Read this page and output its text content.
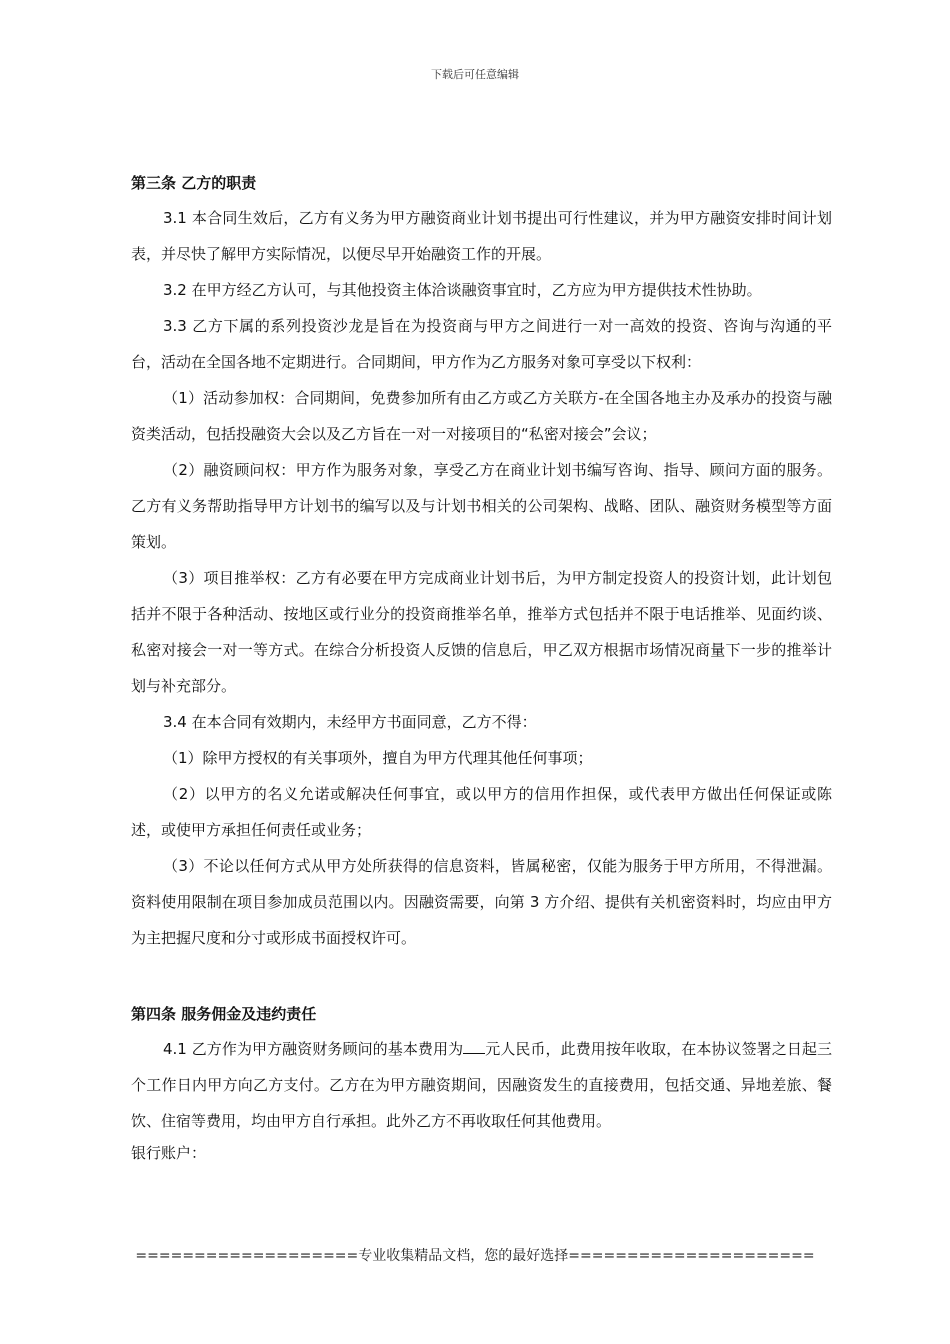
下载后可任意编辑
第三条 乙方的职责

3.1 本合同生效后，乙方有义务为甲方融资商业计划书提出可行性建议，并为甲方融资安排时间计划表，并尽快了解甲方实际情况，以便尽早开始融资工作的开展。

3.2 在甲方经乙方认可，与其他投资主体洽谈融资事宜时，乙方应为甲方提供技术性协助。

3.3 乙方下属的系列投资沙龙是旨在为投资商与甲方之间进行一对一高效的投资、咨询与沟通的平台，活动在全国各地不定期进行。合同期间，甲方作为乙方服务对象可享受以下权利：

（1）活动参加权：合同期间，免费参加所有由乙方或乙方关联方-在全国各地主办及承办的投资与融资类活动，包括投融资大会以及乙方旨在一对一对接项目的“私密对接会”会议；

（2）融资顾问权：甲方作为服务对象，享受乙方在商业计划书编写咨询、指导、顾问方面的服务。乙方有义务帮助指导甲方计划书的编写以及与计划书相关的公司架构、战略、团队、融资财务模型等方面策划。

（3）项目推举权：乙方有必要在甲方完成商业计划书后，为甲方制定投资人的投资计划，此计划包括并不限于各种活动、按地区或行业分的投资商推举名单，推举方式包括并不限于电话推举、见面约谈、私密对接会一对一等方式。在综合分析投资人反馈的信息后，甲乙双方根据市场情况商量下一步的推举计划与补充部分。

3.4 在本合同有效期内，未经甲方书面同意，乙方不得：

（1）除甲方授权的有关事项外，擅自为甲方代理其他任何事项；

（2）以甲方的名义允诺或解决任何事宜，或以甲方的信用作担保，或代表甲方做出任何保证或陈述，或使甲方承担任何责任或业务；

（3）不论以任何方式从甲方处所获得的信息资料，皆属秘密，仅能为服务于甲方所用，不得泄漏。资料使用限制在项目参加成员范围以内。因融资需要，向第 3 方介绍、提供有关机密资料时，均应由甲方为主把握尺度和分寸或形成书面授权许可。

第四条 服务佣金及违约责任

4.1 乙方作为甲方融资财务顾问的基本费用为 元人民币，此费用按年收取，在本协议签署之日起三个工作日内甲方向乙方支付。乙方在为甲方融资期间，因融资发生的直接费用，包括交通、异地差旅、餐饮、住宿等费用，均由甲方自行承担。此外乙方不再收取任何其他费用。

银行账户：

===================专业收集精品文档，您的最好选择=====================
